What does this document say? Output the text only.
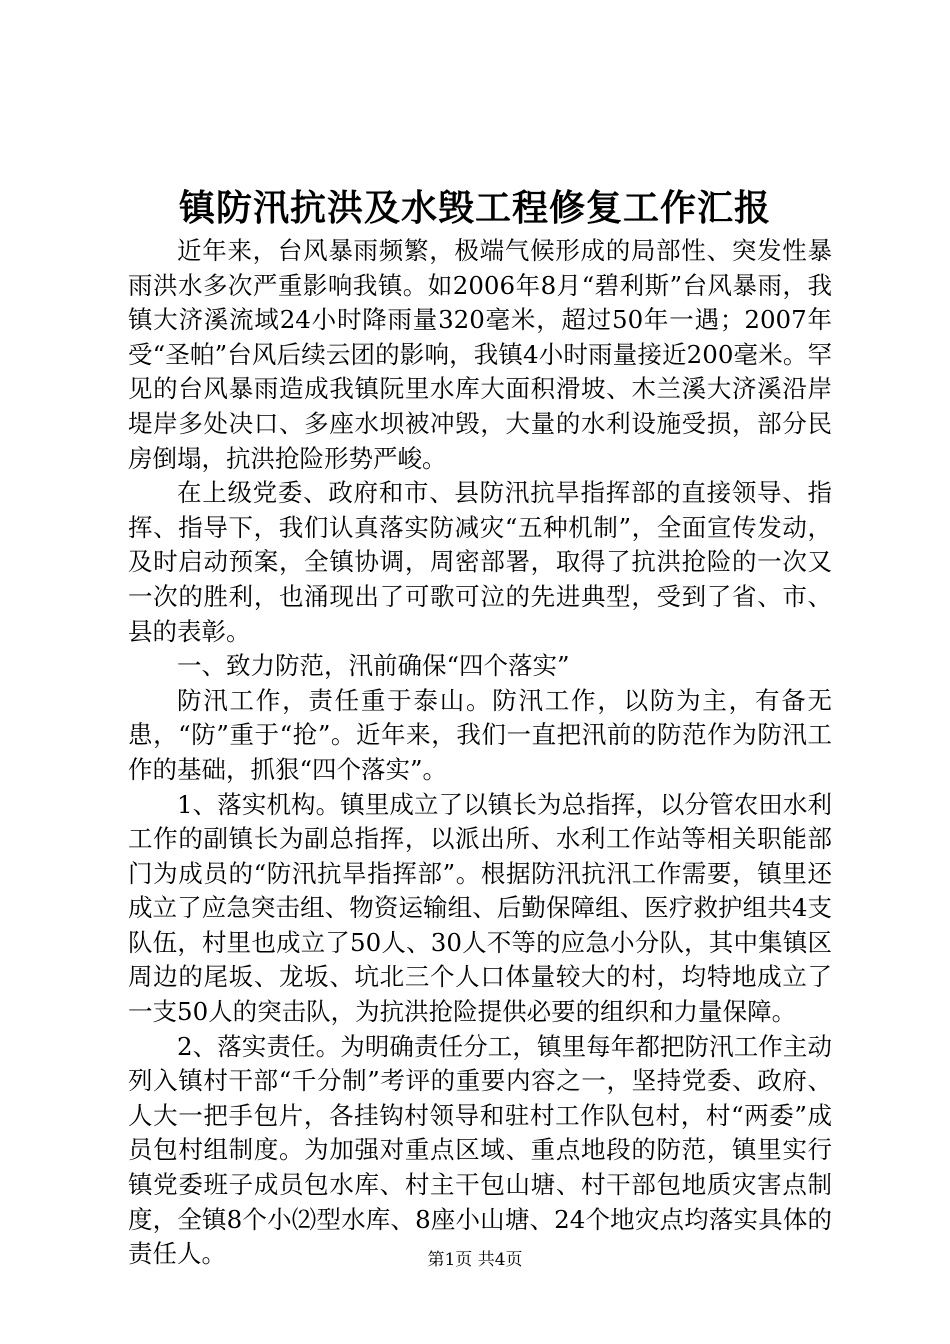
镇防汛抗洪及水毁工程修复工作汇报

近年来，台风暴雨频繁，极端气候形成的局部性、突发性暴雨洪水多次严重影响我镇。如2006年8月“碧利斯”台风暴雨，我镇大济溪流域24小时降雨量320毫米，超过50年一遇；2007年受“圣帕”台风后续云团的影响，我镇4小时雨量接近200毫米。罕见的台风暴雨造成我镇阮里水库大面积滑坡、木兰溪大济溪沿岸堤岸多处决口、多座水坝被冲毁，大量的水利设施受损，部分民房倒塌，抗洪抢险形势严峻。

在上级党委、政府和市、县防汛抗旱指挥部的直接领导、指挥、指导下，我们认真落实防减灾“五种机制”，全面宣传发动，及时启动预案，全镇协调，周密部署，取得了抗洪抢险的一次又一次的胜利，也涌现出了可歌可泣的先进典型，受到了省、市、县的表彰。

一、致力防范，汛前确保“四个落实”

防汛工作，责任重于泰山。防汛工作，以防为主，有备无患，“防”重于“抢”。近年来，我们一直把汛前的防范作为防汛工作的基础，抓狠“四个落实”。

1、落实机构。镇里成立了以镇长为总指挥，以分管农田水利工作的副镇长为副总指挥，以派出所、水利工作站等相关职能部门为成员的“防汛抗旱指挥部”。根据防汛抗汛工作需要，镇里还成立了应急突击组、物资运输组、后勤保障组、医疗救护组共4支队伍，村里也成立了50人、30人不等的应急小分队，其中集镇区周边的尾坂、龙坂、坑北三个人口体量较大的村，均特地成立了一支50人的突击队，为抗洪抢险提供必要的组织和力量保障。

2、落实责任。为明确责任分工，镇里每年都把防汛工作主动列入镇村干部“千分制”考评的重要内容之一，坚持党委、政府、人大一把手包片，各挂钩村领导和驻村工作队包村，村“两委”成员包村组制度。为加强对重点区域、重点地段的防范，镇里实行镇党委班子成员包水库、村主干包山塘、村干部包地质灾害点制度，全镇8个小⑵型水库、8座小山塘、24个地灾点均落实具体的责任人。	第1页 共4页
